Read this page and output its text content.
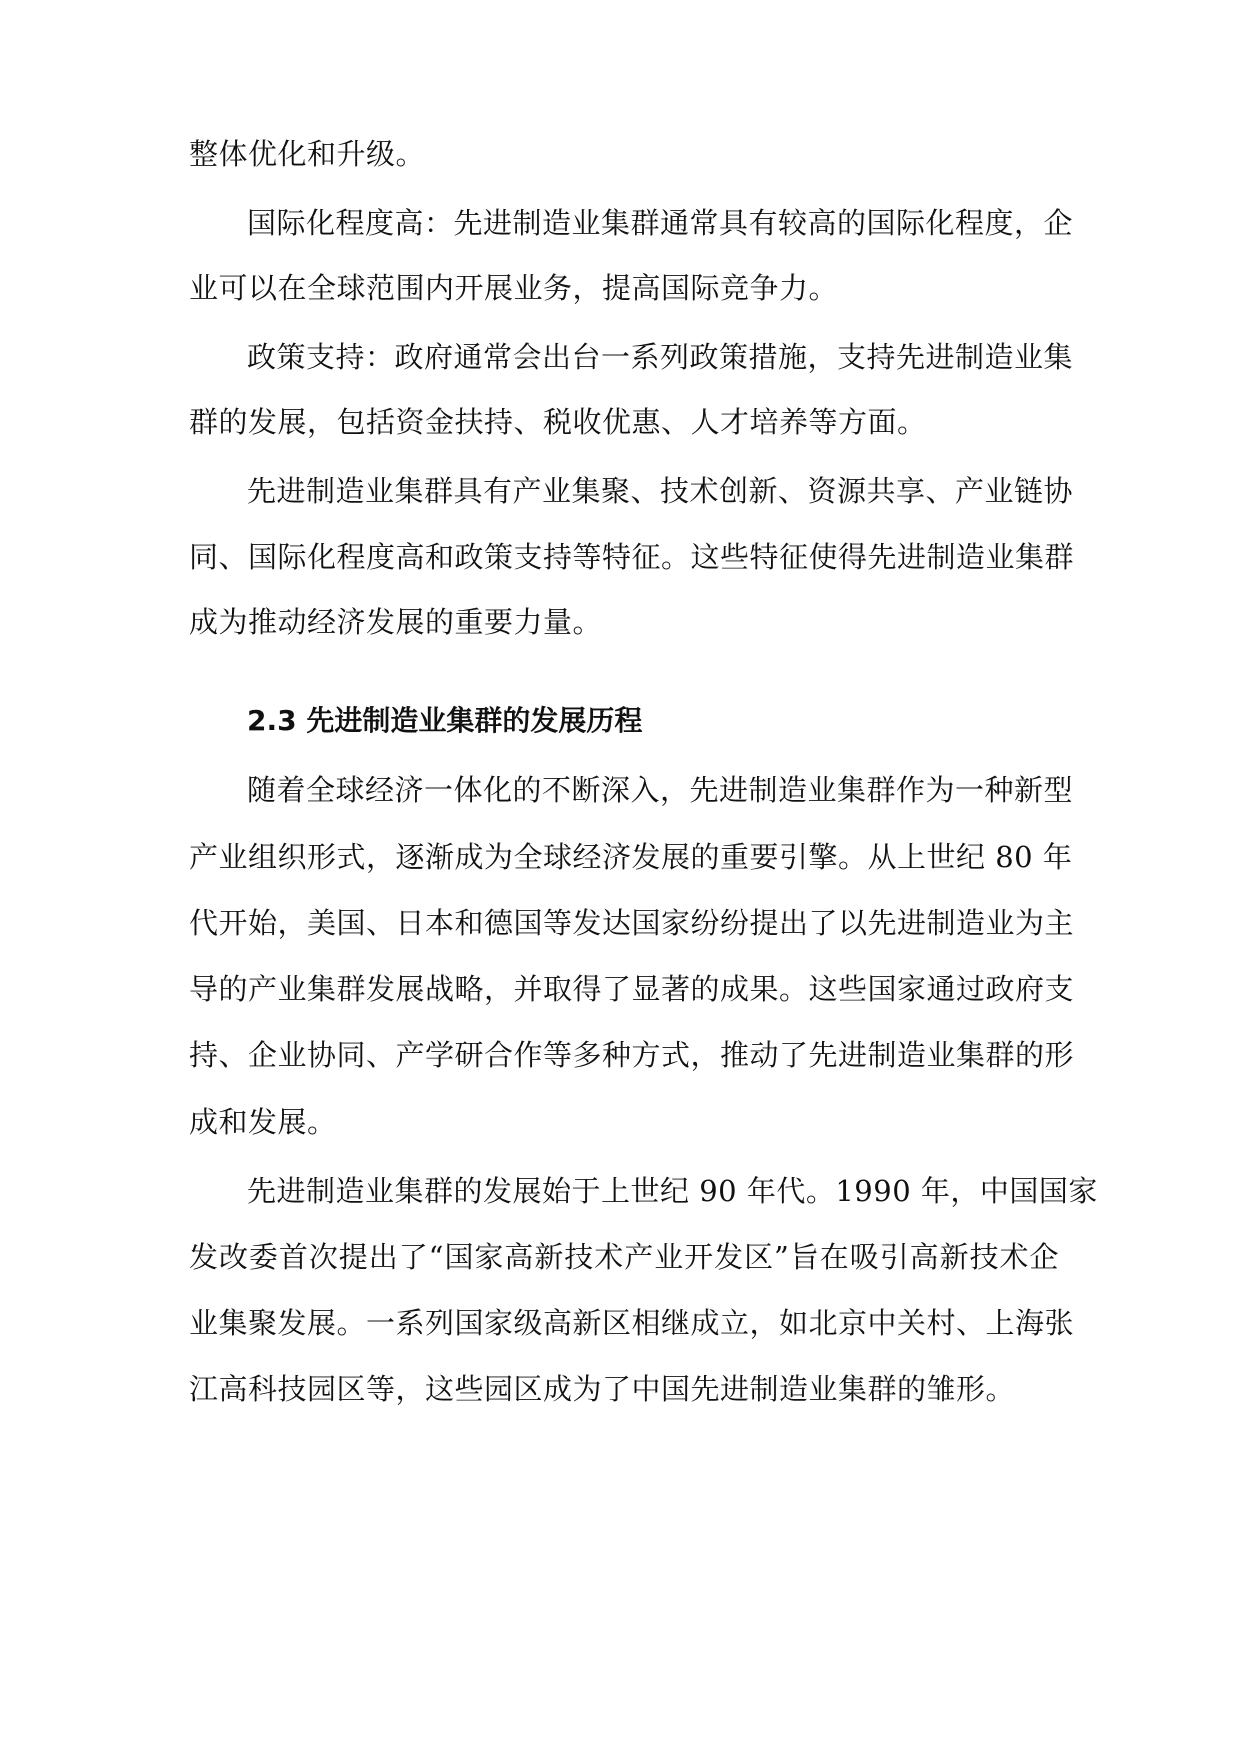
整体优化和升级。
国际化程度高：先进制造业集群通常具有较高的国际化程度，企
业可以在全球范围内开展业务，提高国际竞争力。
政策支持：政府通常会出台一系列政策措施，支持先进制造业集
群的发展，包括资金扶持、税收优惠、人才培养等方面。
先进制造业集群具有产业集聚、技术创新、资源共享、产业链协
同、国际化程度高和政策支持等特征。这些特征使得先进制造业集群
成为推动经济发展的重要力量。
2.3 先进制造业集群的发展历程
随着全球经济一体化的不断深入，先进制造业集群作为一种新型
产业组织形式，逐渐成为全球经济发展的重要引擎。从上世纪 80 年
代开始，美国、日本和德国等发达国家纷纷提出了以先进制造业为主
导的产业集群发展战略，并取得了显著的成果。这些国家通过政府支
持、企业协同、产学研合作等多种方式，推动了先进制造业集群的形
成和发展。
先进制造业集群的发展始于上世纪 90 年代。1990 年，中国国家
发改委首次提出了“国家高新技术产业开发区”旨在吸引高新技术企
业集聚发展。一系列国家级高新区相继成立，如北京中关村、上海张
江高科技园区等，这些园区成为了中国先进制造业集群的雏形。
